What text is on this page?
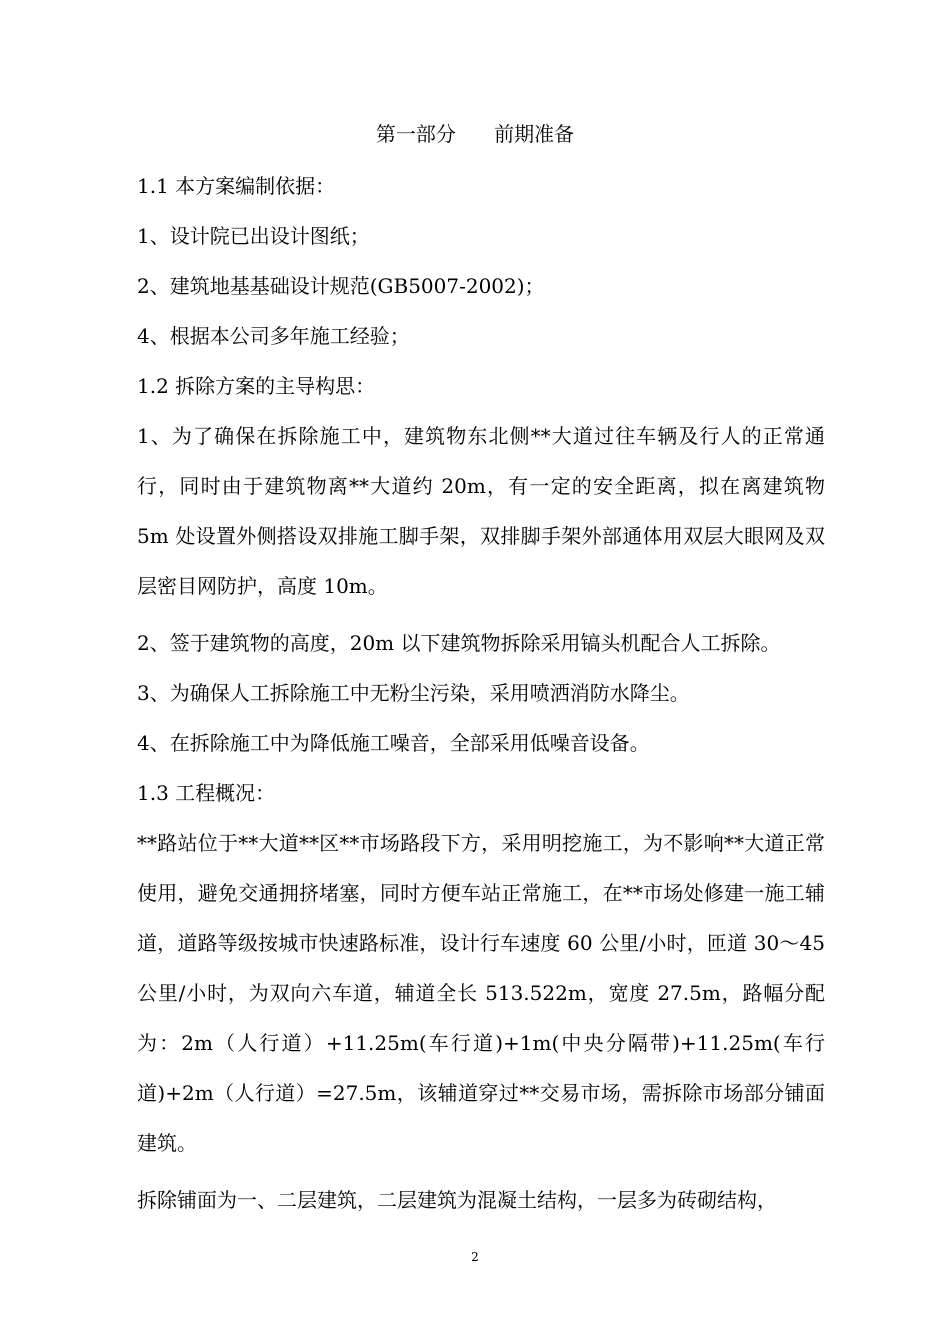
第一部分      前期准备

1.1 本方案编制依据：

1、设计院已出设计图纸；

2、建筑地基基础设计规范(GB5007-2002)；

4、根据本公司多年施工经验；

1.2 拆除方案的主导构思：

1、为了确保在拆除施工中，建筑物东北侧**大道过往车辆及行人的正常通行，同时由于建筑物离**大道约 20m，有一定的安全距离，拟在离建筑物 5m 处设置外侧搭设双排施工脚手架，双排脚手架外部通体用双层大眼网及双层密目网防护，高度 10m。

2、签于建筑物的高度，20m 以下建筑物拆除采用镐头机配合人工拆除。

3、为确保人工拆除施工中无粉尘污染，采用喷洒消防水降尘。

4、在拆除施工中为降低施工噪音，全部采用低噪音设备。

1.3 工程概况：

**路站位于**大道**区**市场路段下方，采用明挖施工，为不影响**大道正常使用，避免交通拥挤堵塞，同时方便车站正常施工，在**市场处修建一施工辅道，道路等级按城市快速路标准，设计行车速度 60 公里/小时，匝道 30～45 公里/小时，为双向六车道，辅道全长 513.522m，宽度 27.5m，路幅分配为：2m（人行道）+11.25m(车行道)+1m(中央分隔带)+11.25m(车行道)+2m（人行道）=27.5m，该辅道穿过**交易市场，需拆除市场部分铺面建筑。

拆除铺面为一、二层建筑，二层建筑为混凝土结构，一层多为砖砌结构，

2
